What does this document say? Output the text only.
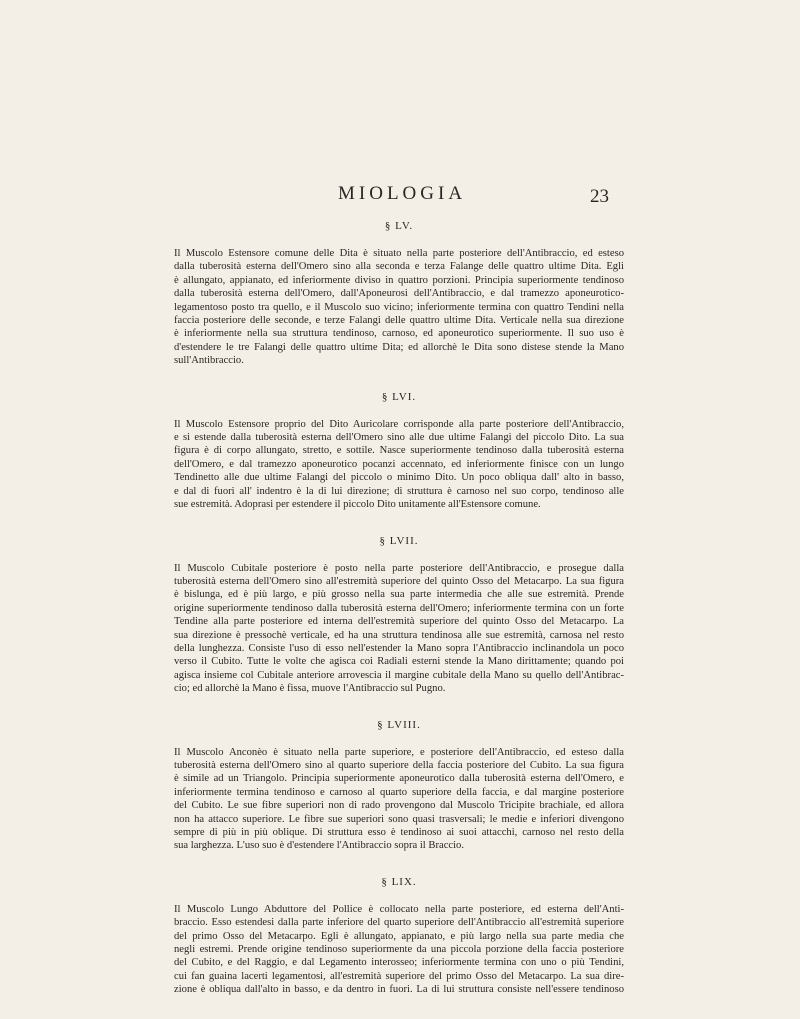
MIOLOGIA	23
§ LV.

Il Muscolo Estensore comune delle Dita è situato nella parte posteriore dell'Antibraccio, ed esteso
dalla tuberosità esterna dell'Omero sino alla seconda e terza Falange delle quattro ultime Dita. Egli
è allungato, appianato, ed inferiormente diviso in quattro porzioni. Principia superiormente tendinoso
dalla tuberosità esterna dell'Omero, dall'Aponeurosi dell'Antibraccio, e dal tramezzo aponeurotico-
legamentoso posto tra quello, e il Muscolo suo vicino; inferiormente termina con quattro Tendini nella
faccia posteriore delle seconde, e terze Falangi delle quattro ultime Dita. Verticale nella sua direzione
è inferiormente nella sua struttura tendinoso, carnoso, ed aponeurotico superiormente. Il suo uso è
d'estendere le tre Falangi delle quattro ultime Dita; ed allorchè le Dita sono distese stende la Mano
sull'Antibraccio.

§ LVI.

Il Muscolo Estensore proprio del Dito Auricolare corrisponde alla parte posteriore dell'Antibraccio,
e si estende dalla tuberosità esterna dell'Omero sino alle due ultime Falangi del piccolo Dito. La sua
figura è di corpo allungato, stretto, e sottile. Nasce superiormente tendinoso dalla tuberosità esterna
dell'Omero, e dal tramezzo aponeurotico pocanzi accennato, ed inferiormente finisce con un lungo
Tendinetto alle due ultime Falangi del piccolo o minimo Dito. Un poco obliqua dall' alto in basso,
e dal di fuori all' indentro è la di lui direzione; di struttura è carnoso nel suo corpo, tendinoso alle
sue estremità. Adoprasi per estendere il piccolo Dito unitamente all'Estensore comune.

§ LVII.

Il Muscolo Cubitale posteriore è posto nella parte posteriore dell'Antibraccio, e prosegue dalla
tuberosità esterna dell'Omero sino all'estremità superiore del quinto Osso del Metacarpo. La sua figura
è bislunga, ed è più largo, e più grosso nella sua parte intermedia che alle sue estremità. Prende
origine superiormente tendinoso dalla tuberosità esterna dell'Omero; inferiormente termina con un forte
Tendine alla parte posteriore ed interna dell'estremità superiore del quinto Osso del Metacarpo. La
sua direzione è pressochè verticale, ed ha una struttura tendinosa alle sue estremità, carnosa nel resto
della lunghezza. Consiste l'uso di esso nell'estender la Mano sopra l'Antibraccio inclinandola un poco
verso il Cubito. Tutte le volte che agisca coi Radiali esterni stende la Mano dirittamente; quando poi
agisca insieme col Cubitale anteriore arrovescia il margine cubitale della Mano su quello dell'Antibrac-
cio; ed allorchè la Mano è fissa, muove l'Antibraccio sul Pugno.

§ LVIII.

Il Muscolo Anconèo è situato nella parte superiore, e posteriore dell'Antibraccio, ed esteso dalla
tuberosità esterna dell'Omero sino al quarto superiore della faccia posteriore del Cubito. La sua figura
è simile ad un Triangolo. Principia superiormente aponeurotico dalla tuberosità esterna dell'Omero, e
inferiormente termina tendinoso e carnoso al quarto superiore della faccia, e dal margine posteriore
del Cubito. Le sue fibre superiori non di rado provengono dal Muscolo Tricipite brachiale, ed allora
non ha attacco superiore. Le fibre sue superiori sono quasi trasversali; le medie e inferiori divengono
sempre di più in più oblique. Di struttura esso è tendinoso ai suoi attacchi, carnoso nel resto della
sua larghezza. L'uso suo è d'estendere l'Antibraccio sopra il Braccio.

§ LIX.

Il Muscolo Lungo Abduttore del Pollice è collocato nella parte posteriore, ed esterna dell'Anti-
braccio. Esso estendesi dalla parte inferiore del quarto superiore dell'Antibraccio all'estremità superiore
del primo Osso del Metacarpo. Egli è allungato, appianato, e più largo nella sua parte media che
negli estremi. Prende origine tendinoso superiormente da una piccola porzione della faccia posteriore
del Cubito, e del Raggio, e dal Legamento interosseo; inferiormente termina con uno o più Tendini,
cui fan guaina lacerti legamentosi, all'estremità superiore del primo Osso del Metacarpo. La sua dire-
zione è obliqua dall'alto in basso, e da dentro in fuori. La di lui struttura consiste nell'essere tendinoso
